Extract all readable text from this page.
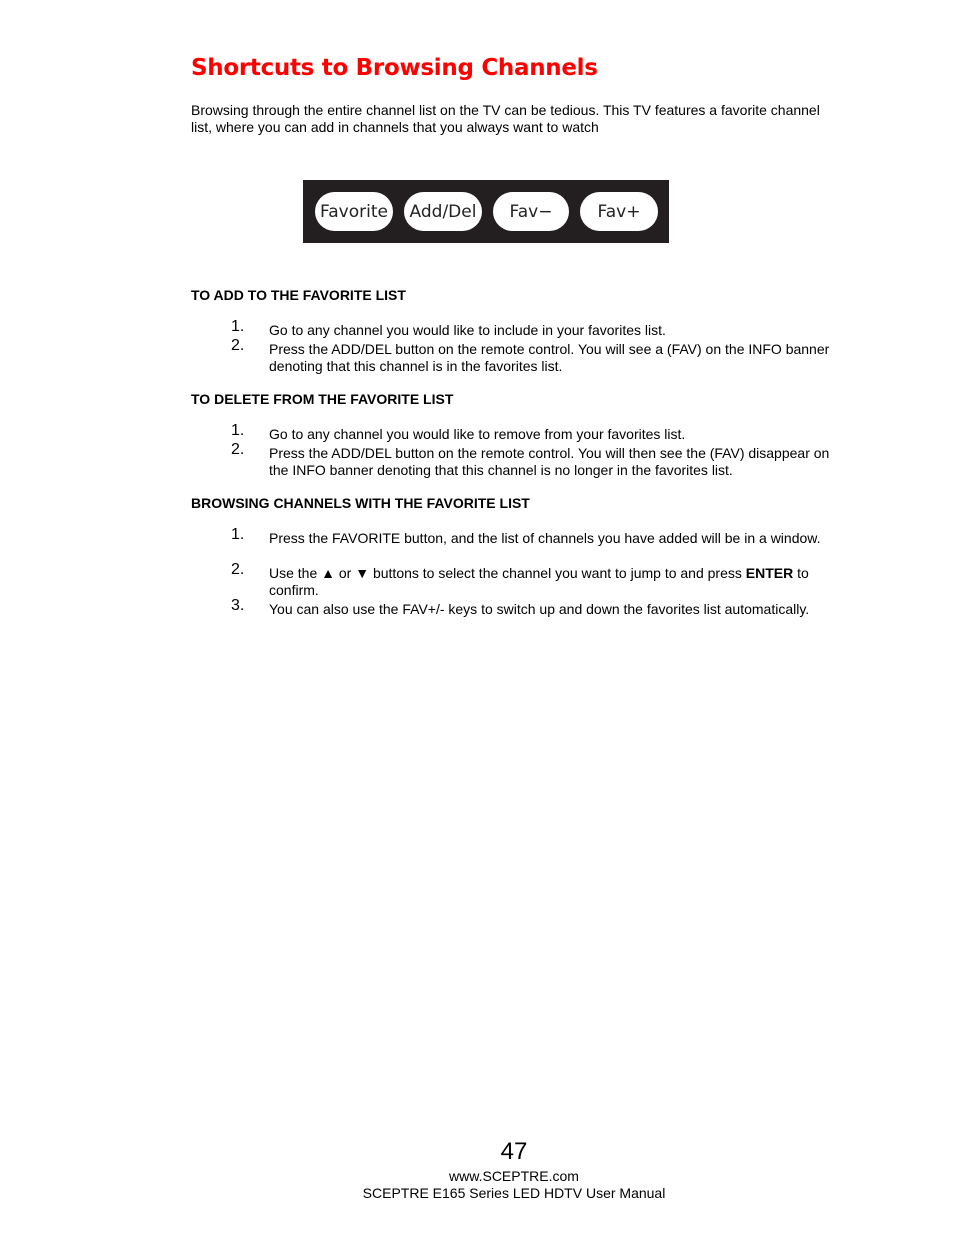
Shortcuts to Browsing Channels

Browsing through the entire channel list on the TV can be tedious. This TV features a favorite channel list, where you can add in channels that you always want to watch

Favorite	Add/Del	Fav−	Fav+
TO ADD TO THE FAVORITE LIST
1. Go to any channel you would like to include in your favorites list.
2. Press the ADD/DEL button on the remote control. You will see a (FAV) on the INFO banner denoting that this channel is in the favorites list.
TO DELETE FROM THE FAVORITE LIST
1. Go to any channel you would like to remove from your favorites list.
2. Press the ADD/DEL button on the remote control. You will then see the (FAV) disappear on the INFO banner denoting that this channel is no longer in the favorites list.
BROWSING CHANNELS WITH THE FAVORITE LIST
1. Press the FAVORITE button, and the list of channels you have added will be in a window.
2. Use the ▲ or ▼ buttons to select the channel you want to jump to and press ENTER to confirm.
3. You can also use the FAV+/- keys to switch up and down the favorites list automatically.
47
www.SCEPTRE.com
SCEPTRE E165 Series LED HDTV User Manual
